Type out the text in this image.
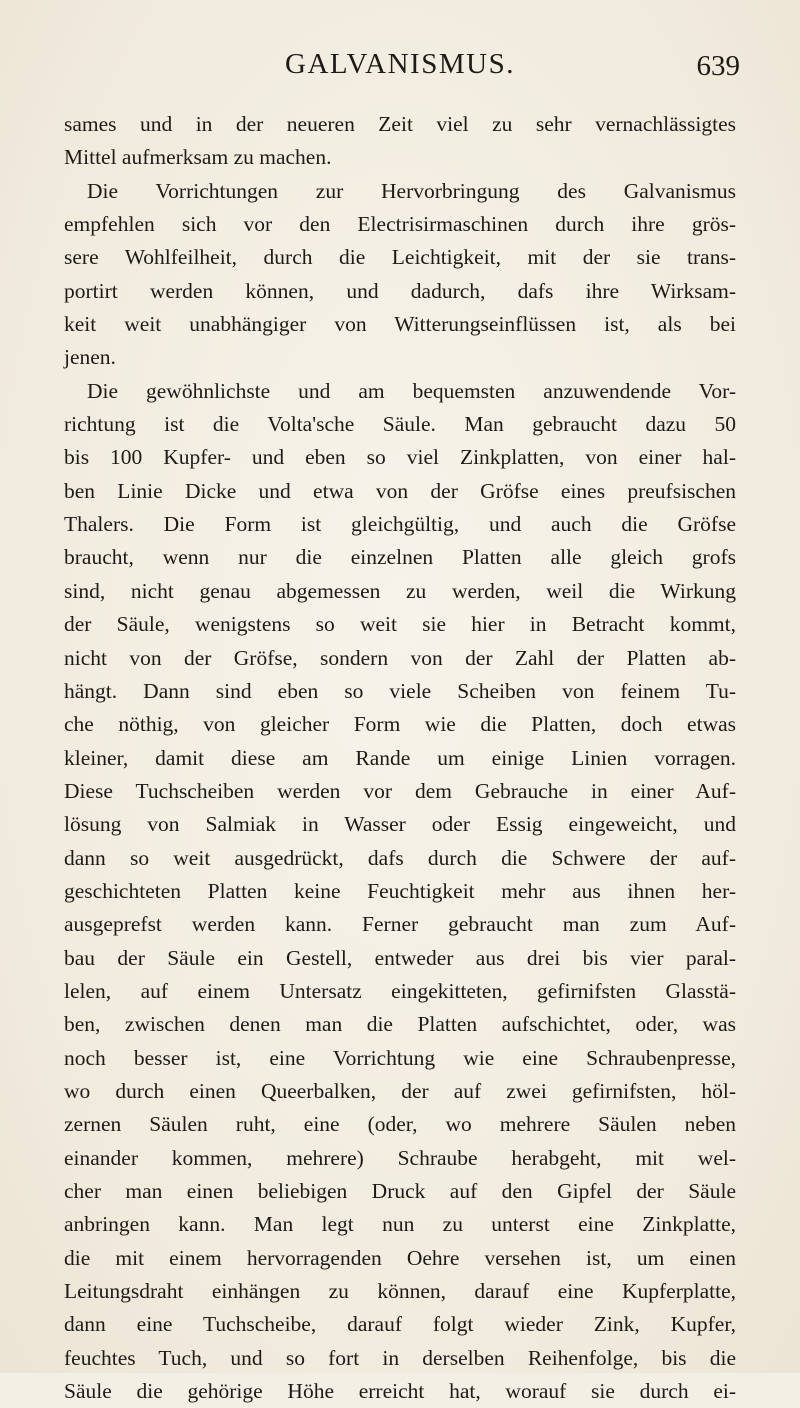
GALVANISMUS.	639
sames und in der neueren Zeit viel zu sehr vernachlässigtes
Mittel aufmerksam zu machen.
Die Vorrichtungen zur Hervorbringung des Galvanismus
empfehlen sich vor den Electrisirmaschinen durch ihre grös-
sere Wohlfeilheit, durch die Leichtigkeit, mit der sie trans-
portirt werden können, und dadurch, dafs ihre Wirksam-
keit weit unabhängiger von Witterungseinflüssen ist, als bei
jenen.
Die gewöhnlichste und am bequemsten anzuwendende Vor-
richtung ist die Volta'sche Säule. Man gebraucht dazu 50
bis 100 Kupfer- und eben so viel Zinkplatten, von einer hal-
ben Linie Dicke und etwa von der Gröfse eines preufsischen
Thalers. Die Form ist gleichgültig, und auch die Gröfse
braucht, wenn nur die einzelnen Platten alle gleich grofs
sind, nicht genau abgemessen zu werden, weil die Wirkung
der Säule, wenigstens so weit sie hier in Betracht kommt,
nicht von der Gröfse, sondern von der Zahl der Platten ab-
hängt. Dann sind eben so viele Scheiben von feinem Tu-
che nöthig, von gleicher Form wie die Platten, doch etwas
kleiner, damit diese am Rande um einige Linien vorragen.
Diese Tuchscheiben werden vor dem Gebrauche in einer Auf-
lösung von Salmiak in Wasser oder Essig eingeweicht, und
dann so weit ausgedrückt, dafs durch die Schwere der auf-
geschichteten Platten keine Feuchtigkeit mehr aus ihnen her-
ausgeprefst werden kann. Ferner gebraucht man zum Auf-
bau der Säule ein Gestell, entweder aus drei bis vier paral-
lelen, auf einem Untersatz eingekitteten, gefirnifsten Glasstä-
ben, zwischen denen man die Platten aufschichtet, oder, was
noch besser ist, eine Vorrichtung wie eine Schraubenpresse,
wo durch einen Queerbalken, der auf zwei gefirnifsten, höl-
zernen Säulen ruht, eine (oder, wo mehrere Säulen neben
einander kommen, mehrere) Schraube herabgeht, mit wel-
cher man einen beliebigen Druck auf den Gipfel der Säule
anbringen kann. Man legt nun zu unterst eine Zinkplatte,
die mit einem hervorragenden Oehre versehen ist, um einen
Leitungsdraht einhängen zu können, darauf eine Kupferplatte,
dann eine Tuchscheibe, darauf folgt wieder Zink, Kupfer,
feuchtes Tuch, und so fort in derselben Reihenfolge, bis die
Säule die gehörige Höhe erreicht hat, worauf sie durch ei-
